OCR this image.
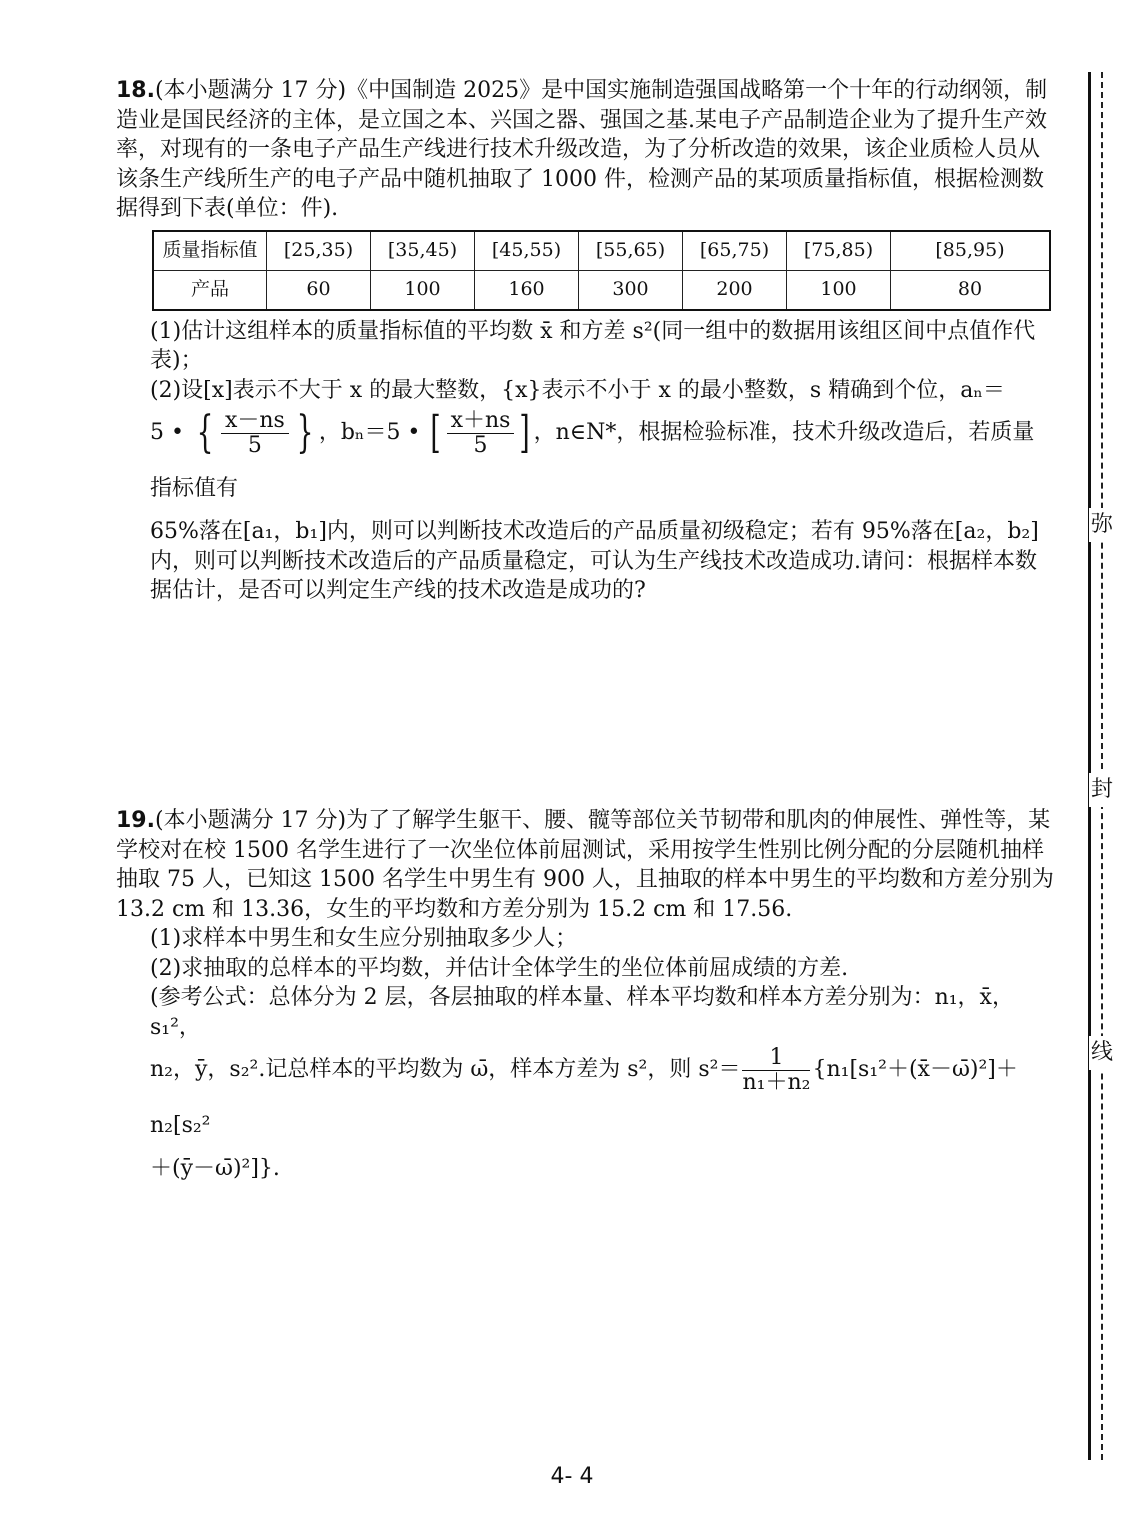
弥
封
线

18.(本小题满分 17 分)《中国制造 2025》是中国实施制造强国战略第一个十年的行动纲领，制造业是国民经济的主体，是立国之本、兴国之器、强国之基.某电子产品制造企业为了提升生产效率，对现有的一条电子产品生产线进行技术升级改造，为了分析改造的效果，该企业质检人员从该条生产线所生产的电子产品中随机抽取了 1000 件，检测产品的某项质量指标值，根据检测数据得到下表(单位：件).

质量指标值	[25,35)	[35,45)	[45,55)	[55,65)	[65,75)	[75,85)	[85,95)
产品	60	100	160	300	200	100	80

(1)估计这组样本的质量指标值的平均数 x̄ 和方差 s²(同一组中的数据用该组区间中点值作代表)；

(2)设[x]表示不大于 x 的最大整数，{x}表示不小于 x 的最小整数，s 精确到个位，aₙ＝

5 • { $\frac{x-ns}{5}$ } ，bₙ＝5 • [ $\frac{x+ns}{5}$ ] ，n∈N*，根据检验标准，技术升级改造后，若质量指标值有

65%落在[a₁，b₁]内，则可以判断技术改造后的产品质量初级稳定；若有 95%落在[a₂，b₂]内，则可以判断技术改造后的产品质量稳定，可认为生产线技术改造成功.请问：根据样本数据估计，是否可以判定生产线的技术改造是成功的?

19.(本小题满分 17 分)为了了解学生躯干、腰、髋等部位关节韧带和肌肉的伸展性、弹性等，某学校对在校 1500 名学生进行了一次坐位体前屈测试，采用按学生性别比例分配的分层随机抽样抽取 75 人，已知这 1500 名学生中男生有 900 人，且抽取的样本中男生的平均数和方差分别为 13.2 cm 和 13.36，女生的平均数和方差分别为 15.2 cm 和 17.56.

(1)求样本中男生和女生应分别抽取多少人；

(2)求抽取的总样本的平均数，并估计全体学生的坐位体前屈成绩的方差.

(参考公式：总体分为 2 层，各层抽取的样本量、样本平均数和样本方差分别为：n₁，x̄，s₁²，

n₂，ȳ，s₂².记总样本的平均数为 ω̄，样本方差为 s²，则 $s^2= \frac{1}{\text{n₁＋n₂}}$ {n₁[s₁²＋(x̄－ω̄)²]＋n₂[s₂²

＋(ȳ－ω̄)²]}.

4- 4
